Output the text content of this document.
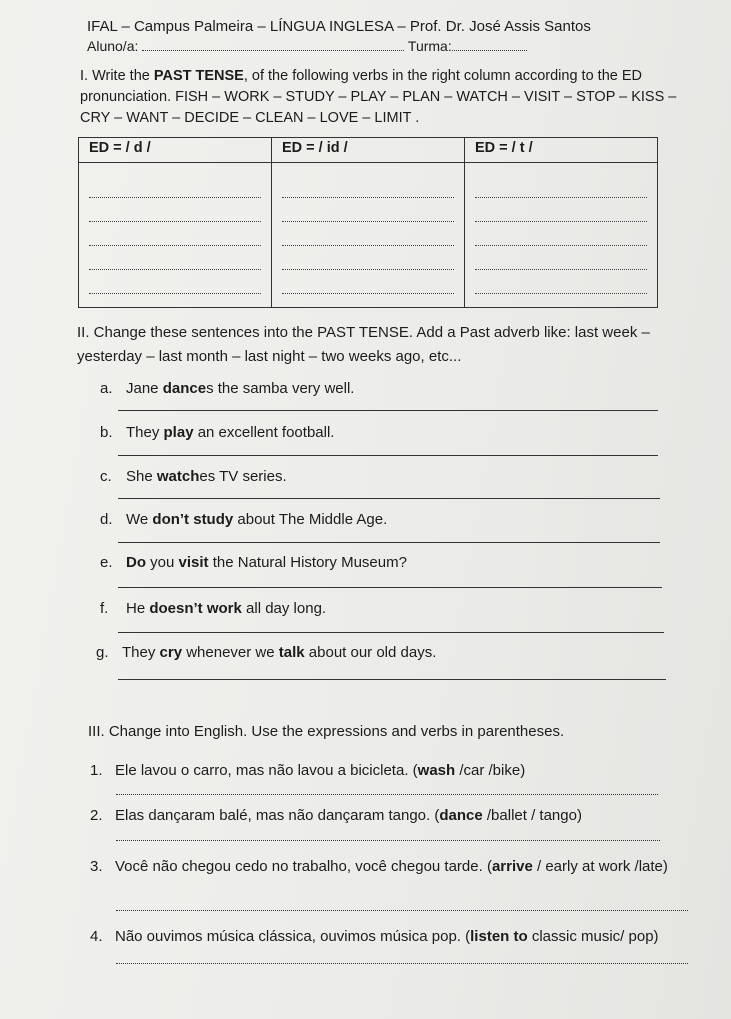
IFAL – Campus Palmeira – LÍNGUA INGLESA – Prof. Dr. José Assis Santos
Aluno/a:	Turma:
I. Write the PAST TENSE, of the following verbs in the right column according to the ED pronunciation. FISH – WORK – STUDY – PLAY – PLAN – WATCH – VISIT – STOP – KISS – CRY – WANT – DECIDE – CLEAN – LOVE – LIMIT .
ED = / d /	ED = / id /	ED = / t /

II. Change these sentences into the PAST TENSE. Add a Past adverb like: last week – yesterday – last month – last night – two weeks ago, etc...
a. Jane dances the samba very well.
b. They play an excellent football.
c. She watches TV series.
d. We don’t study about The Middle Age.
e. Do you visit the Natural History Museum?
f. He doesn’t work all day long.
g. They cry whenever we talk about our old days.
III. Change into English. Use the expressions and verbs in parentheses.
1. Ele lavou o carro, mas não lavou a bicicleta. (wash /car /bike)
2. Elas dançaram balé, mas não dançaram tango. (dance /ballet / tango)
3. Você não chegou cedo no trabalho, você chegou tarde. (arrive / early at work /late)
4. Não ouvimos música clássica, ouvimos música pop. (listen to classic music/ pop)
